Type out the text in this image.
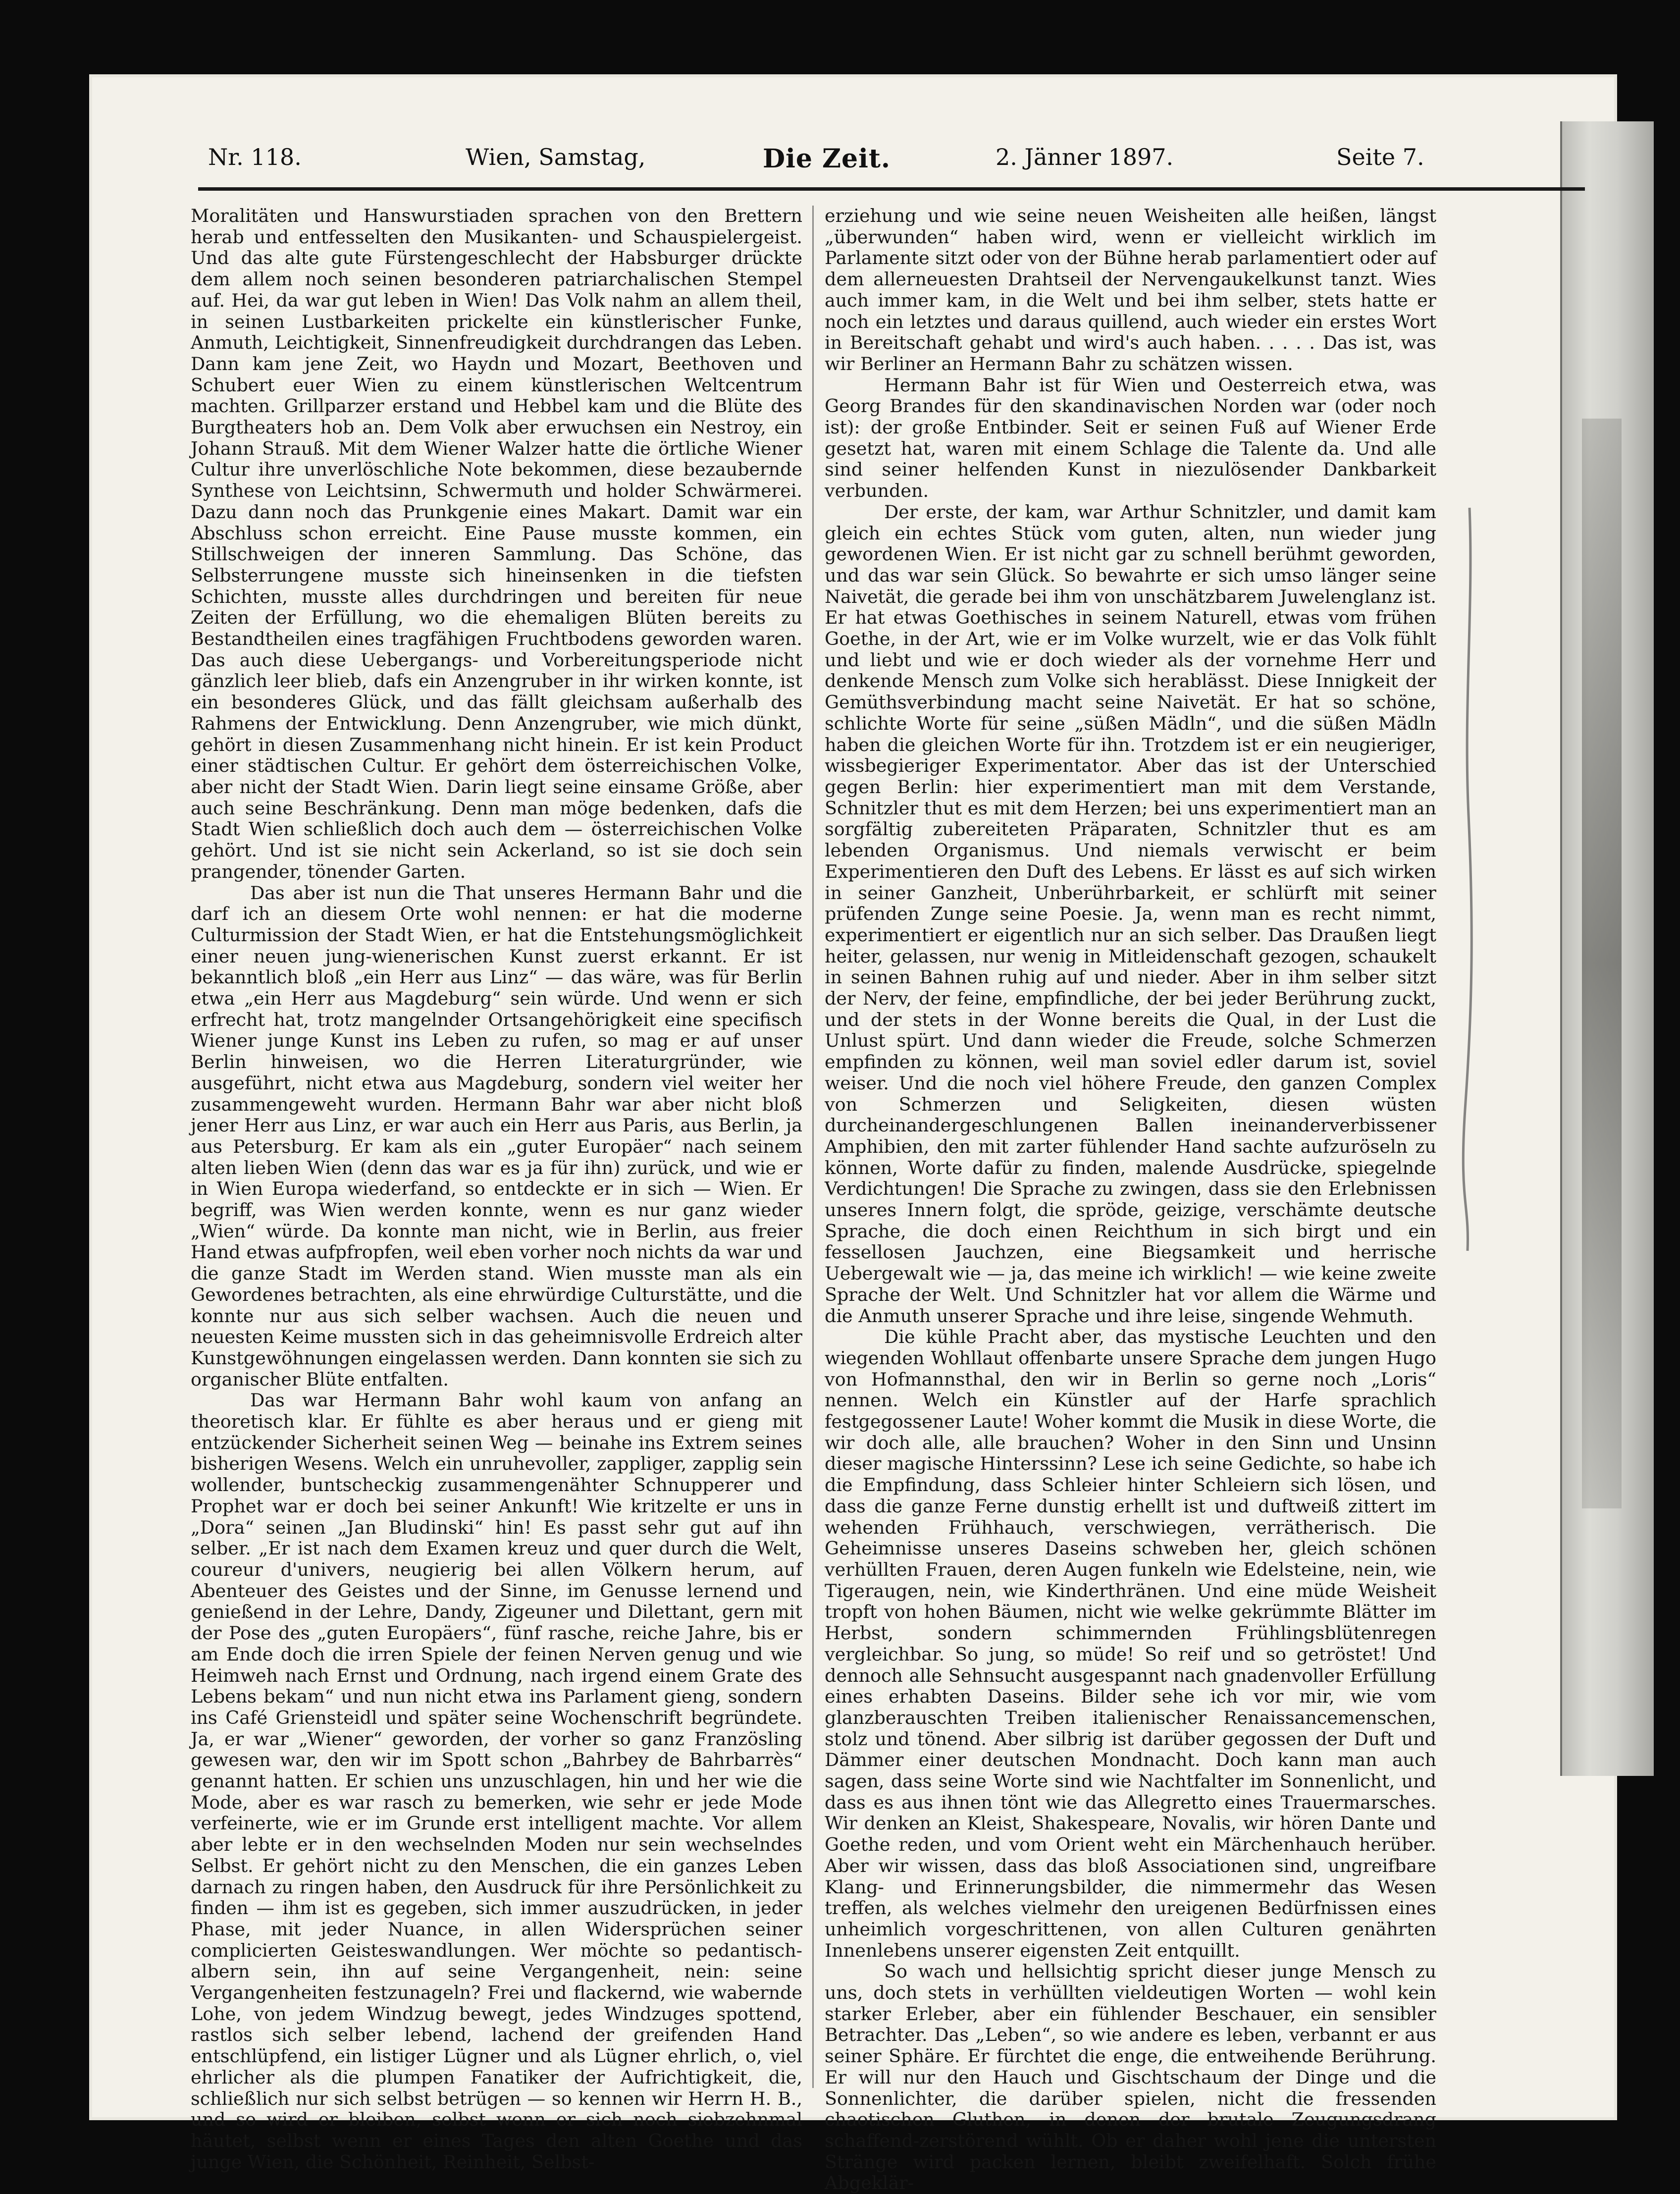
Nr. 118.	Wien, Samstag,	Die Zeit.	2. Jänner 1897.	Seite 7.

Moralitäten und Hanswurstiaden sprachen von den Brettern herab und entfesselten den Musikanten- und Schauspielergeist. Und das alte gute Fürstengeschlecht der Habsburger drückte dem allem noch seinen besonderen patriarchalischen Stempel auf. Hei, da war gut leben in Wien! Das Volk nahm an allem theil, in seinen Lustbarkeiten prickelte ein künstlerischer Funke, Anmuth, Leichtigkeit, Sinnenfreudigkeit durchdrangen das Leben. Dann kam jene Zeit, wo Haydn und Mozart, Beethoven und Schubert euer Wien zu einem künstlerischen Weltcentrum machten. Grillparzer erstand und Hebbel kam und die Blüte des Burgtheaters hob an. Dem Volk aber erwuchsen ein Nestroy, ein Johann Strauß. Mit dem Wiener Walzer hatte die örtliche Wiener Cultur ihre unverlöschliche Note bekommen, diese bezaubernde Synthese von Leichtsinn, Schwermuth und holder Schwärmerei. Dazu dann noch das Prunkgenie eines Makart. Damit war ein Abschluss schon erreicht. Eine Pause musste kommen, ein Stillschweigen der inneren Sammlung. Das Schöne, das Selbsterrungene musste sich hineinsenken in die tiefsten Schichten, musste alles durchdringen und bereiten für neue Zeiten der Erfüllung, wo die ehemaligen Blüten bereits zu Bestandtheilen eines tragfähigen Fruchtbodens geworden waren. Das auch diese Uebergangs- und Vorbereitungsperiode nicht gänzlich leer blieb, dafs ein Anzengruber in ihr wirken konnte, ist ein besonderes Glück, und das fällt gleichsam außerhalb des Rahmens der Entwicklung. Denn Anzengruber, wie mich dünkt, gehört in diesen Zusammenhang nicht hinein. Er ist kein Product einer städtischen Cultur. Er gehört dem österreichischen Volke, aber nicht der Stadt Wien. Darin liegt seine einsame Größe, aber auch seine Beschränkung. Denn man möge bedenken, dafs die Stadt Wien schließlich doch auch dem — österreichischen Volke gehört. Und ist sie nicht sein Ackerland, so ist sie doch sein prangender, tönender Garten.

Das aber ist nun die That unseres Hermann Bahr und die darf ich an diesem Orte wohl nennen: er hat die moderne Culturmission der Stadt Wien, er hat die Entstehungsmöglichkeit einer neuen jung-wienerischen Kunst zuerst erkannt. Er ist bekanntlich bloß „ein Herr aus Linz“ — das wäre, was für Berlin etwa „ein Herr aus Magdeburg“ sein würde. Und wenn er sich erfrecht hat, trotz mangelnder Ortsangehörigkeit eine specifisch Wiener junge Kunst ins Leben zu rufen, so mag er auf unser Berlin hinweisen, wo die Herren Literaturgründer, wie ausgeführt, nicht etwa aus Magdeburg, sondern viel weiter her zusammengeweht wurden. Hermann Bahr war aber nicht bloß jener Herr aus Linz, er war auch ein Herr aus Paris, aus Berlin, ja aus Petersburg. Er kam als ein „guter Europäer“ nach seinem alten lieben Wien (denn das war es ja für ihn) zurück, und wie er in Wien Europa wiederfand, so entdeckte er in sich — Wien. Er begriff, was Wien werden konnte, wenn es nur ganz wieder „Wien“ würde. Da konnte man nicht, wie in Berlin, aus freier Hand etwas aufpfropfen, weil eben vorher noch nichts da war und die ganze Stadt im Werden stand. Wien musste man als ein Gewordenes betrachten, als eine ehrwürdige Culturstätte, und die konnte nur aus sich selber wachsen. Auch die neuen und neuesten Keime mussten sich in das geheimnisvolle Erdreich alter Kunstgewöhnungen eingelassen werden. Dann konnten sie sich zu organischer Blüte entfalten.

Das war Hermann Bahr wohl kaum von anfang an theoretisch klar. Er fühlte es aber heraus und er gieng mit entzückender Sicherheit seinen Weg — beinahe ins Extrem seines bisherigen Wesens. Welch ein unruhevoller, zappliger, zapplig sein wollender, buntscheckig zusammengenähter Schnupperer und Prophet war er doch bei seiner Ankunft! Wie kritzelte er uns in „Dora“ seinen „Jan Bludinski“ hin! Es passt sehr gut auf ihn selber. „Er ist nach dem Examen kreuz und quer durch die Welt, coureur d'univers, neugierig bei allen Völkern herum, auf Abenteuer des Geistes und der Sinne, im Genusse lernend und genießend in der Lehre, Dandy, Zigeuner und Dilettant, gern mit der Pose des „guten Europäers“, fünf rasche, reiche Jahre, bis er am Ende doch die irren Spiele der feinen Nerven genug und wie Heimweh nach Ernst und Ordnung, nach irgend einem Grate des Lebens bekam“ und nun nicht etwa ins Parlament gieng, sondern ins Café Griensteidl und später seine Wochenschrift begründete. Ja, er war „Wiener“ geworden, der vorher so ganz Französling gewesen war, den wir im Spott schon „Bahrbey de Bahrbarrès“ genannt hatten. Er schien uns unzuschlagen, hin und her wie die Mode, aber es war rasch zu bemerken, wie sehr er jede Mode verfeinerte, wie er im Grunde erst intelligent machte. Vor allem aber lebte er in den wechselnden Moden nur sein wechselndes Selbst. Er gehört nicht zu den Menschen, die ein ganzes Leben darnach zu ringen haben, den Ausdruck für ihre Persönlichkeit zu finden — ihm ist es gegeben, sich immer auszudrücken, in jeder Phase, mit jeder Nuance, in allen Widersprüchen seiner complicierten Geisteswandlungen. Wer möchte so pedantisch-albern sein, ihn auf seine Vergangenheit, nein: seine Vergangenheiten festzunageln? Frei und flackernd, wie wabernde Lohe, von jedem Windzug bewegt, jedes Windzuges spottend, rastlos sich selber lebend, lachend der greifenden Hand entschlüpfend, ein listiger Lügner und als Lügner ehrlich, o, viel ehrlicher als die plumpen Fanatiker der Aufrichtigkeit, die, schließlich nur sich selbst betrügen — so kennen wir Herrn H. B., und so wird er bleiben, selbst wenn er sich noch siebzehnmal häutet, selbst wenn er eines Tages den alten Goethe und das junge Wien, die Schönheit, Reinheit, Selbst-

erziehung und wie seine neuen Weisheiten alle heißen, längst „überwunden“ haben wird, wenn er vielleicht wirklich im Parlamente sitzt oder von der Bühne herab parlamentiert oder auf dem allerneuesten Drahtseil der Nervengaukelkunst tanzt. Wies auch immer kam, in die Welt und bei ihm selber, stets hatte er noch ein letztes und daraus quillend, auch wieder ein erstes Wort in Bereitschaft gehabt und wird's auch haben. . . . . Das ist, was wir Berliner an Hermann Bahr zu schätzen wissen.

Hermann Bahr ist für Wien und Oesterreich etwa, was Georg Brandes für den skandinavischen Norden war (oder noch ist): der große Entbinder. Seit er seinen Fuß auf Wiener Erde gesetzt hat, waren mit einem Schlage die Talente da. Und alle sind seiner helfenden Kunst in niezulösender Dankbarkeit verbunden.

Der erste, der kam, war Arthur Schnitzler, und damit kam gleich ein echtes Stück vom guten, alten, nun wieder jung gewordenen Wien. Er ist nicht gar zu schnell berühmt geworden, und das war sein Glück. So bewahrte er sich umso länger seine Naivetät, die gerade bei ihm von unschätzbarem Juwelenglanz ist. Er hat etwas Goethisches in seinem Naturell, etwas vom frühen Goethe, in der Art, wie er im Volke wurzelt, wie er das Volk fühlt und liebt und wie er doch wieder als der vornehme Herr und denkende Mensch zum Volke sich herablässt. Diese Innigkeit der Gemüthsverbindung macht seine Naivetät. Er hat so schöne, schlichte Worte für seine „süßen Mädln“, und die süßen Mädln haben die gleichen Worte für ihn. Trotzdem ist er ein neugieriger, wissbegieriger Experimentator. Aber das ist der Unterschied gegen Berlin: hier experimentiert man mit dem Verstande, Schnitzler thut es mit dem Herzen; bei uns experimentiert man an sorgfältig zubereiteten Präparaten, Schnitzler thut es am lebenden Organismus. Und niemals verwischt er beim Experimentieren den Duft des Lebens. Er lässt es auf sich wirken in seiner Ganzheit, Unberührbarkeit, er schlürft mit seiner prüfenden Zunge seine Poesie. Ja, wenn man es recht nimmt, experimentiert er eigentlich nur an sich selber. Das Draußen liegt heiter, gelassen, nur wenig in Mitleidenschaft gezogen, schaukelt in seinen Bahnen ruhig auf und nieder. Aber in ihm selber sitzt der Nerv, der feine, empfindliche, der bei jeder Berührung zuckt, und der stets in der Wonne bereits die Qual, in der Lust die Unlust spürt. Und dann wieder die Freude, solche Schmerzen empfinden zu können, weil man soviel edler darum ist, soviel weiser. Und die noch viel höhere Freude, den ganzen Complex von Schmerzen und Seligkeiten, diesen wüsten durcheinandergeschlungenen Ballen ineinanderverbissener Amphibien, den mit zarter fühlender Hand sachte aufzuröseln zu können, Worte dafür zu finden, malende Ausdrücke, spiegelnde Verdichtungen! Die Sprache zu zwingen, dass sie den Erlebnissen unseres Innern folgt, die spröde, geizige, verschämte deutsche Sprache, die doch einen Reichthum in sich birgt und ein fessellosen Jauchzen, eine Biegsamkeit und herrische Uebergewalt wie — ja, das meine ich wirklich! — wie keine zweite Sprache der Welt. Und Schnitzler hat vor allem die Wärme und die Anmuth unserer Sprache und ihre leise, singende Wehmuth.

Die kühle Pracht aber, das mystische Leuchten und den wiegenden Wohllaut offenbarte unsere Sprache dem jungen Hugo von Hofmannsthal, den wir in Berlin so gerne noch „Loris“ nennen. Welch ein Künstler auf der Harfe sprachlich festgegossener Laute! Woher kommt die Musik in diese Worte, die wir doch alle, alle brauchen? Woher in den Sinn und Unsinn dieser magische Hinterssinn? Lese ich seine Gedichte, so habe ich die Empfindung, dass Schleier hinter Schleiern sich lösen, und dass die ganze Ferne dunstig erhellt ist und duftweiß zittert im wehenden Frühhauch, verschwiegen, verrätherisch. Die Geheimnisse unseres Daseins schweben her, gleich schönen verhüllten Frauen, deren Augen funkeln wie Edelsteine, nein, wie Tigeraugen, nein, wie Kinderthränen. Und eine müde Weisheit tropft von hohen Bäumen, nicht wie welke gekrümmte Blätter im Herbst, sondern schimmernden Frühlingsblütenregen vergleichbar. So jung, so müde! So reif und so getröstet! Und dennoch alle Sehnsucht ausgespannt nach gnadenvoller Erfüllung eines erhabten Daseins. Bilder sehe ich vor mir, wie vom glanzberauschten Treiben italienischer Renaissancemenschen, stolz und tönend. Aber silbrig ist darüber gegossen der Duft und Dämmer einer deutschen Mondnacht. Doch kann man auch sagen, dass seine Worte sind wie Nachtfalter im Sonnenlicht, und dass es aus ihnen tönt wie das Allegretto eines Trauermarsches. Wir denken an Kleist, Shakespeare, Novalis, wir hören Dante und Goethe reden, und vom Orient weht ein Märchenhauch herüber. Aber wir wissen, dass das bloß Associationen sind, ungreifbare Klang- und Erinnerungsbilder, die nimmermehr das Wesen treffen, als welches vielmehr den ureigenen Bedürfnissen eines unheimlich vorgeschrittenen, von allen Culturen genährten Innenlebens unserer eigensten Zeit entquillt.

So wach und hellsichtig spricht dieser junge Mensch zu uns, doch stets in verhüllten vieldeutigen Worten — wohl kein starker Erleber, aber ein fühlender Beschauer, ein sensibler Betrachter. Das „Leben“, so wie andere es leben, verbannt er aus seiner Sphäre. Er fürchtet die enge, die entweihende Berührung. Er will nur den Hauch und Gischtschaum der Dinge und die Sonnenlichter, die darüber spielen, nicht die fressenden chaotischen Gluthen, in denen der brutale Zeugungsdrang schaffend-zerstörend wühlt. Ob er daher wohl jene die untersten Stränge wird packen lernen, bleibt zweifelhaft. Solch frühe Abgeklär-
